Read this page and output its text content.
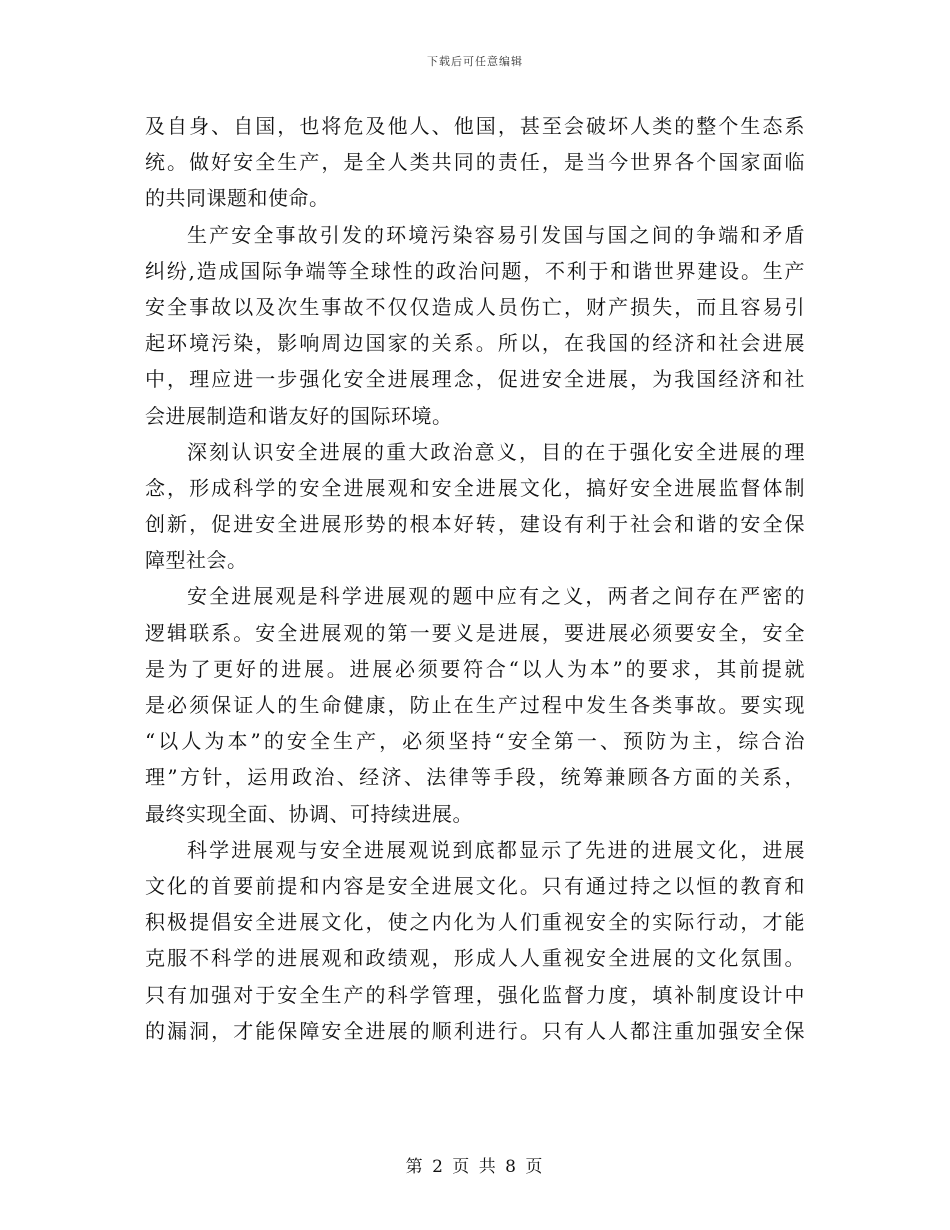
下载后可任意编辑
及自身、自国，也将危及他人、他国，甚至会破坏人类的整个生态系
统。做好安全生产，是全人类共同的责任，是当今世界各个国家面临
的共同课题和使命。
生产安全事故引发的环境污染容易引发国与国之间的争端和矛盾
纠纷,造成国际争端等全球性的政治问题，不利于和谐世界建设。生产
安全事故以及次生事故不仅仅造成人员伤亡，财产损失，而且容易引
起环境污染，影响周边国家的关系。所以，在我国的经济和社会进展
中，理应进一步强化安全进展理念，促进安全进展，为我国经济和社
会进展制造和谐友好的国际环境。
深刻认识安全进展的重大政治意义，目的在于强化安全进展的理
念，形成科学的安全进展观和安全进展文化，搞好安全进展监督体制
创新，促进安全进展形势的根本好转，建设有利于社会和谐的安全保
障型社会。
安全进展观是科学进展观的题中应有之义，两者之间存在严密的
逻辑联系。安全进展观的第一要义是进展，要进展必须要安全，安全
是为了更好的进展。进展必须要符合“以人为本”的要求，其前提就
是必须保证人的生命健康，防止在生产过程中发生各类事故。要实现
“以人为本”的安全生产，必须坚持“安全第一、预防为主，综合治
理”方针，运用政治、经济、法律等手段，统筹兼顾各方面的关系，
最终实现全面、协调、可持续进展。
科学进展观与安全进展观说到底都显示了先进的进展文化，进展
文化的首要前提和内容是安全进展文化。只有通过持之以恒的教育和
积极提倡安全进展文化，使之内化为人们重视安全的实际行动，才能
克服不科学的进展观和政绩观，形成人人重视安全进展的文化氛围。
只有加强对于安全生产的科学管理，强化监督力度，填补制度设计中
的漏洞，才能保障安全进展的顺利进行。只有人人都注重加强安全保
第 2 页 共 8 页
